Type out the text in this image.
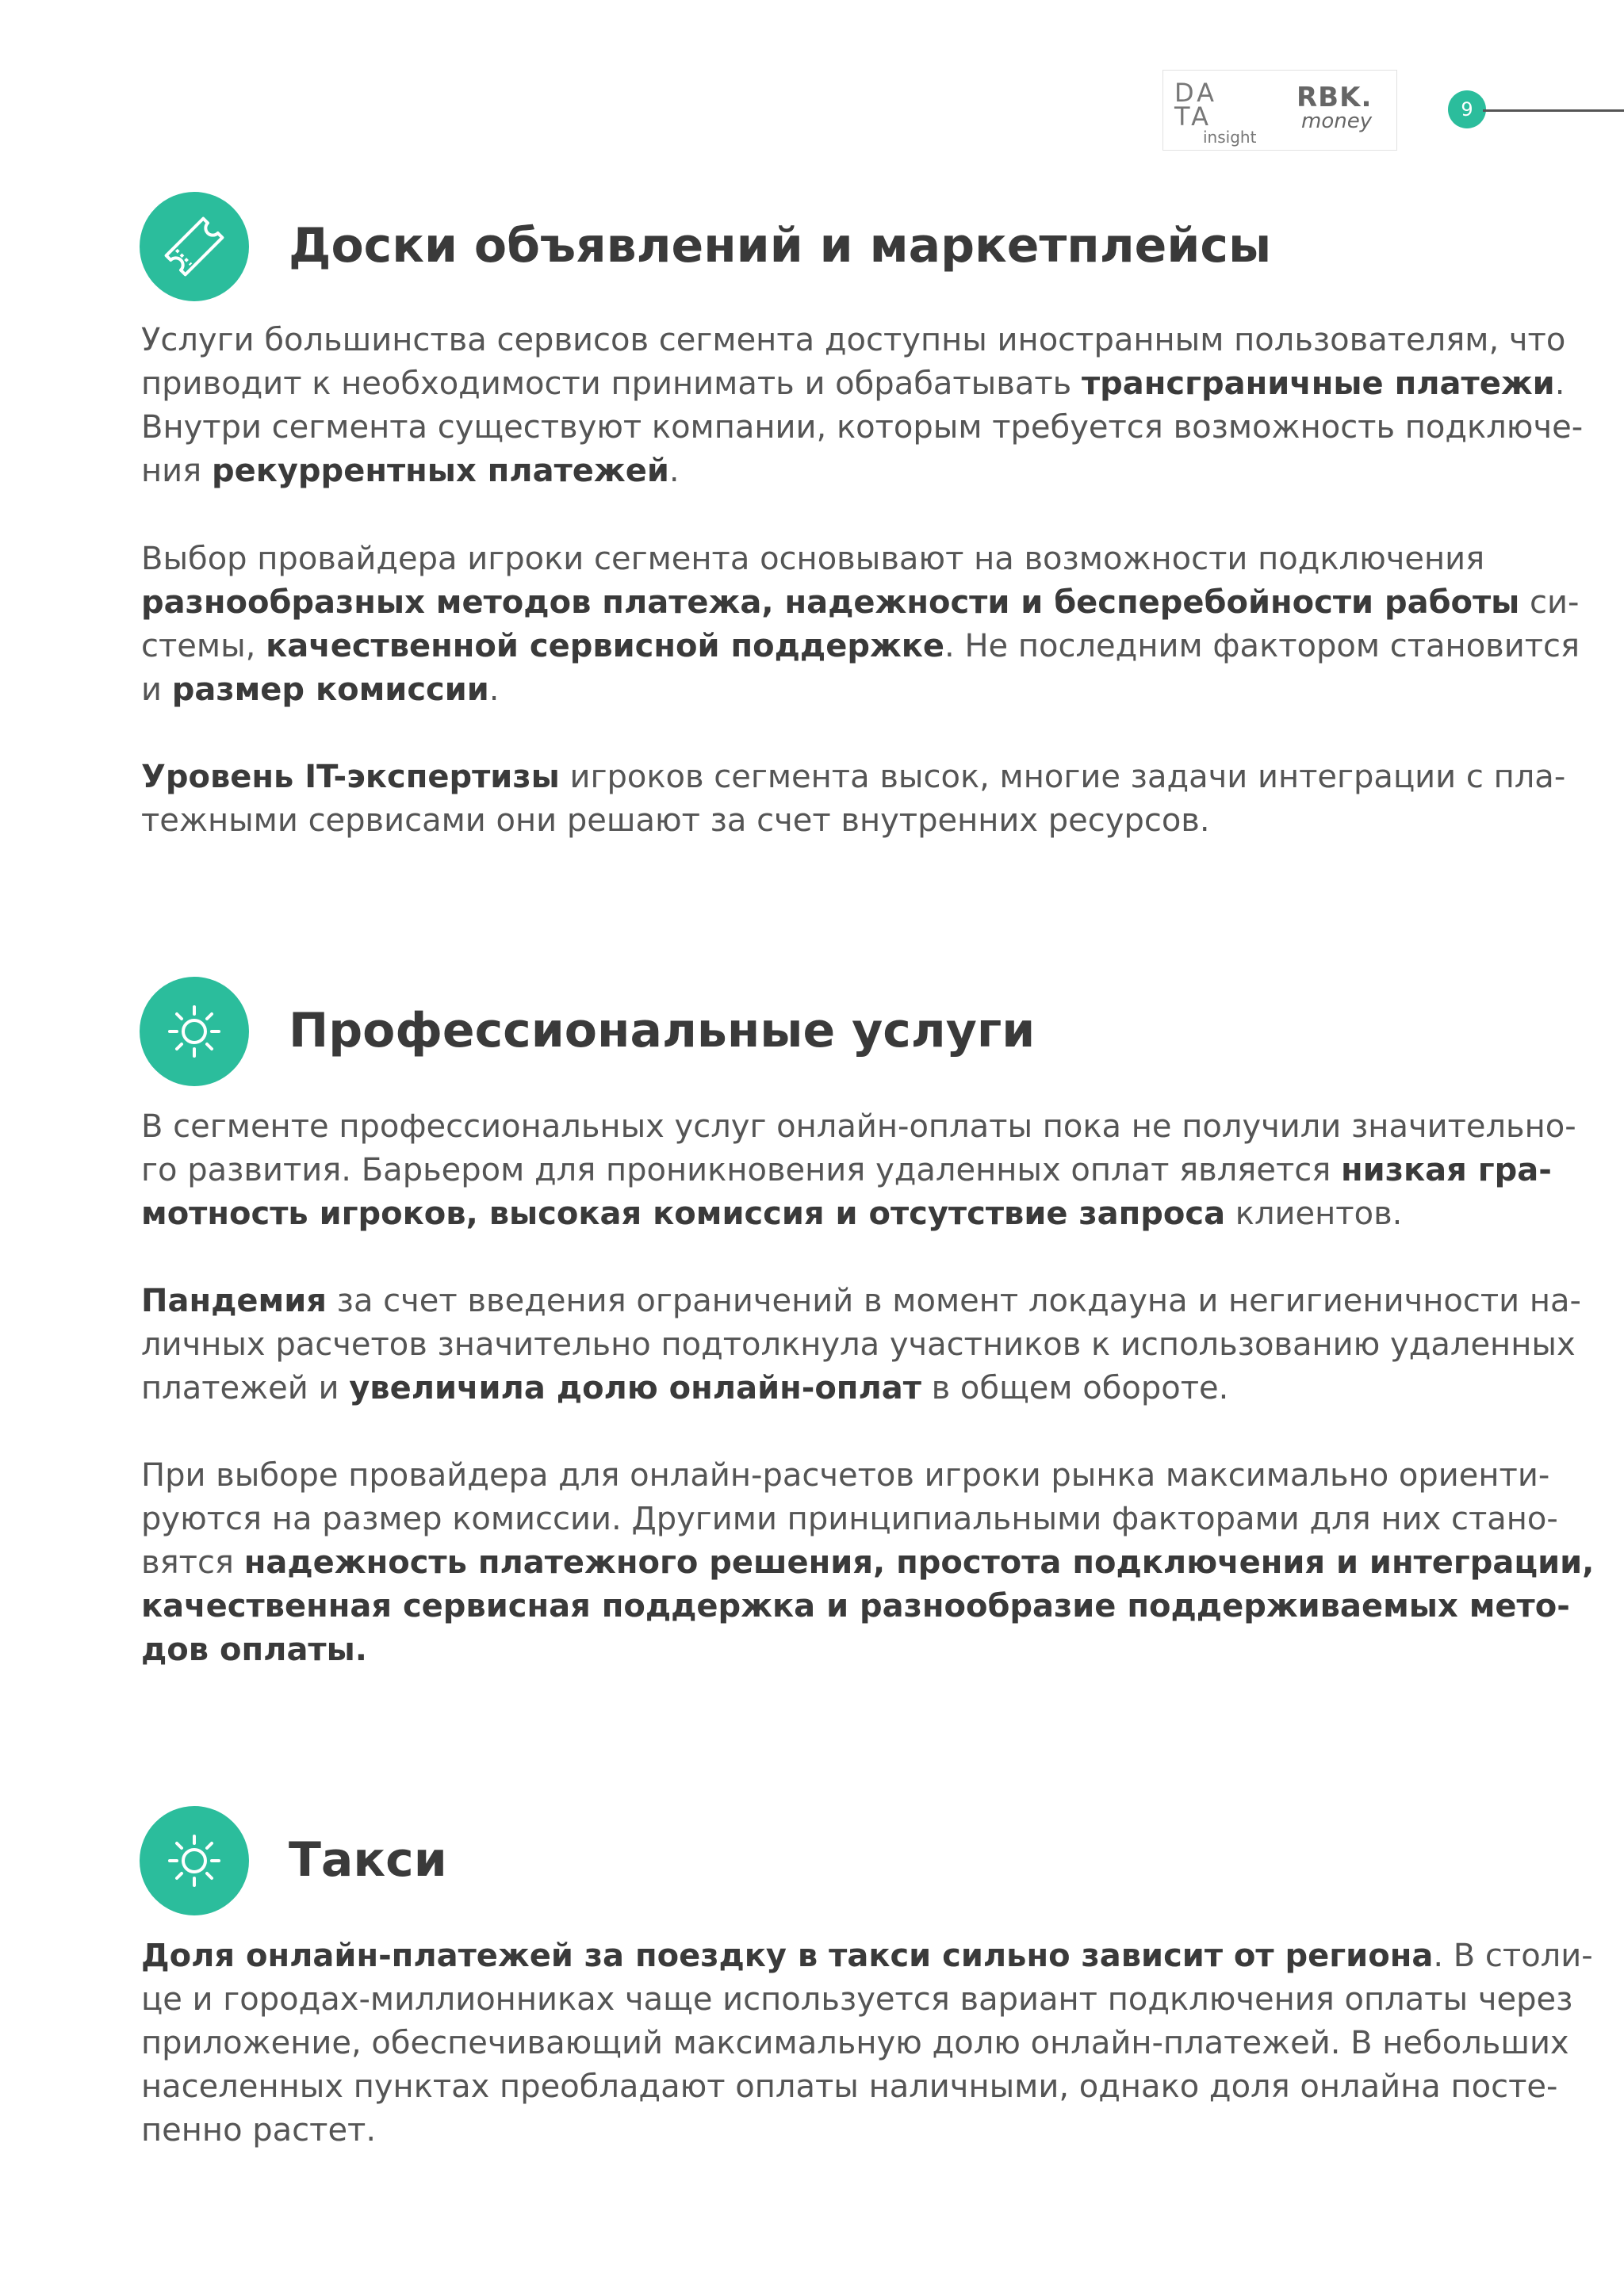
DA
TA
insight
RBK.
money	9
Доски объявлений и маркетплейсы
Услуги большинства сервисов сегмента доступны иностранным пользователям, что
приводит к необходимости принимать и обрабатывать трансграничные платежи.
Внутри сегмента существуют компании, которым требуется возможность подключе-
ния рекуррентных платежей.
Выбор провайдера игроки сегмента основывают на возможности подключения
разнообразных методов платежа, надежности и бесперебойности работы си-
стемы, качественной сервисной поддержке. Не последним фактором становится
и размер комиссии.
Уровень IT-экспертизы игроков сегмента высок, многие задачи интеграции с пла-
тежными сервисами они решают за счет внутренних ресурсов.
Профессиональные услуги
В сегменте профессиональных услуг онлайн-оплаты пока не получили значительно-
го развития. Барьером для проникновения удаленных оплат является низкая гра-
мотность игроков, высокая комиссия и отсутствие запроса клиентов.
Пандемия за счет введения ограничений в момент локдауна и негигиеничности на-
личных расчетов значительно подтолкнула участников к использованию удаленных
платежей и увеличила долю онлайн-оплат в общем обороте.
При выборе провайдера для онлайн-расчетов игроки рынка максимально ориенти-
руются на размер комиссии. Другими принципиальными факторами для них стано-
вятся надежность платежного решения, простота подключения и интеграции,
качественная сервисная поддержка и разнообразие поддерживаемых мето-
дов оплаты.
Такси
Доля онлайн-платежей за поездку в такси сильно зависит от региона. В столи-
це и городах-миллионниках чаще используется вариант подключения оплаты через
приложение, обеспечивающий максимальную долю онлайн-платежей. В небольших
населенных пунктах преобладают оплаты наличными, однако доля онлайна посте-
пенно растет.
